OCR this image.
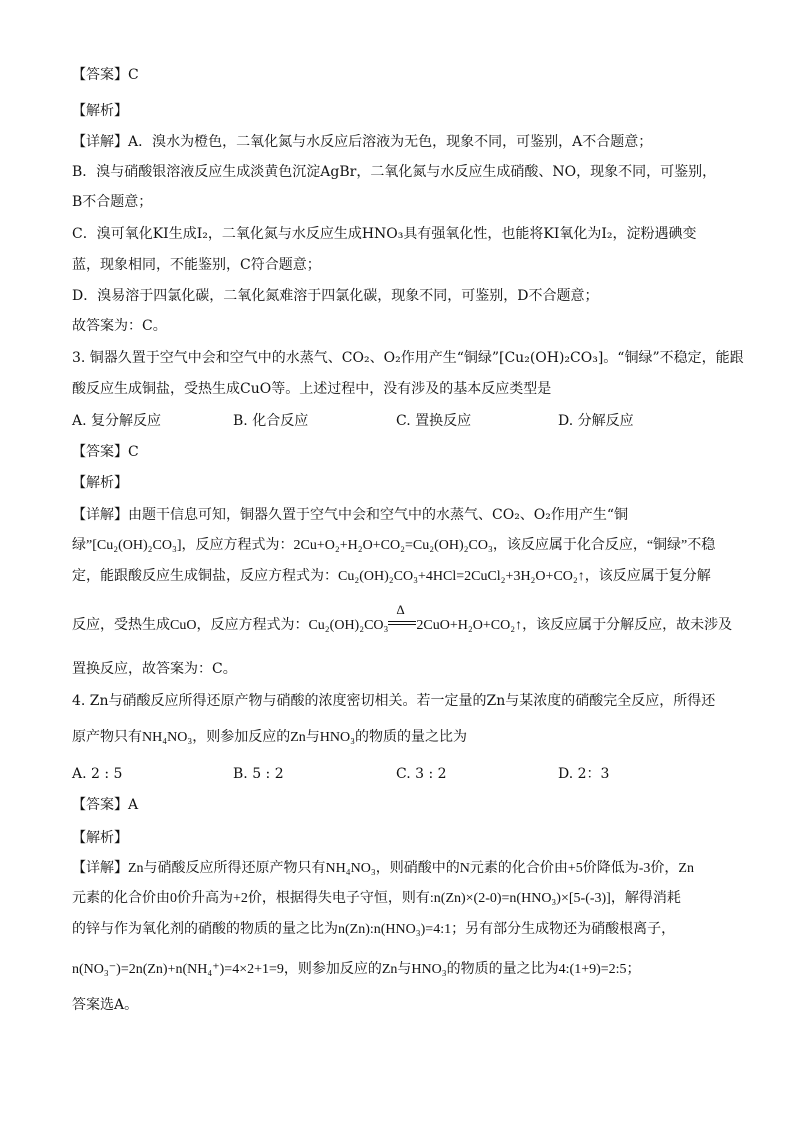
【答案】C
【解析】
【详解】A．溴水为橙色，二氧化氮与水反应后溶液为无色，现象不同，可鉴别，A不合题意；
B．溴与硝酸银溶液反应生成淡黄色沉淀AgBr，二氧化氮与水反应生成硝酸、NO，现象不同，可鉴别，
B不合题意；
C．溴可氧化KI生成I₂，二氧化氮与水反应生成HNO₃具有强氧化性，也能将KI氧化为I₂，淀粉遇碘变
蓝，现象相同，不能鉴别，C符合题意；
D．溴易溶于四氯化碳，二氧化氮难溶于四氯化碳，现象不同，可鉴别，D不合题意；
故答案为：C。
3. 铜器久置于空气中会和空气中的水蒸气、CO₂、O₂作用产生“铜绿”[Cu₂(OH)₂CO₃]。“铜绿”不稳定，能跟
酸反应生成铜盐，受热生成CuO等。上述过程中，没有涉及的基本反应类型是
A. 复分解反应	B. 化合反应	C. 置换反应	D. 分解反应
【答案】C
【解析】
【详解】由题干信息可知，铜器久置于空气中会和空气中的水蒸气、CO₂、O₂作用产生“铜
绿”[Cu₂(OH)₂CO₃]，反应方程式为：2Cu+O₂+H₂O+CO₂=Cu₂(OH)₂CO₃，该反应属于化合反应，“铜绿”不稳
定，能跟酸反应生成铜盐，反应方程式为：Cu₂(OH)₂CO₃+4HCl=2CuCl₂+3H₂O+CO₂↑，该反应属于复分解
反应，受热生成CuO，反应方程式为：Cu₂(OH)₂CO₃
Δ
2CuO+H₂O+CO₂↑，该反应属于分解反应，故未涉及
置换反应，故答案为：C。
4. Zn与硝酸反应所得还原产物与硝酸的浓度密切相关。若一定量的Zn与某浓度的硝酸完全反应，所得还
原产物只有NH₄NO₃，则参加反应的Zn与HNO₃的物质的量之比为
A. 2 : 5	B. 5 : 2	C. 3 : 2	D. 2：3
【答案】A
【解析】
【详解】Zn与硝酸反应所得还原产物只有NH₄NO₃，则硝酸中的N元素的化合价由+5价降低为-3价，Zn
元素的化合价由0价升高为+2价，根据得失电子守恒，则有:n(Zn)×(2-0)=n(HNO₃)×[5-(-3)]，解得消耗
的锌与作为氧化剂的硝酸的物质的量之比为n(Zn):n(HNO₃)=4:1；另有部分生成物还为硝酸根离子，
n(NO₃⁻)=2n(Zn)+n(NH₄⁺)=4×2+1=9，则参加反应的Zn与HNO₃的物质的量之比为4:(1+9)=2:5；
答案选A。
